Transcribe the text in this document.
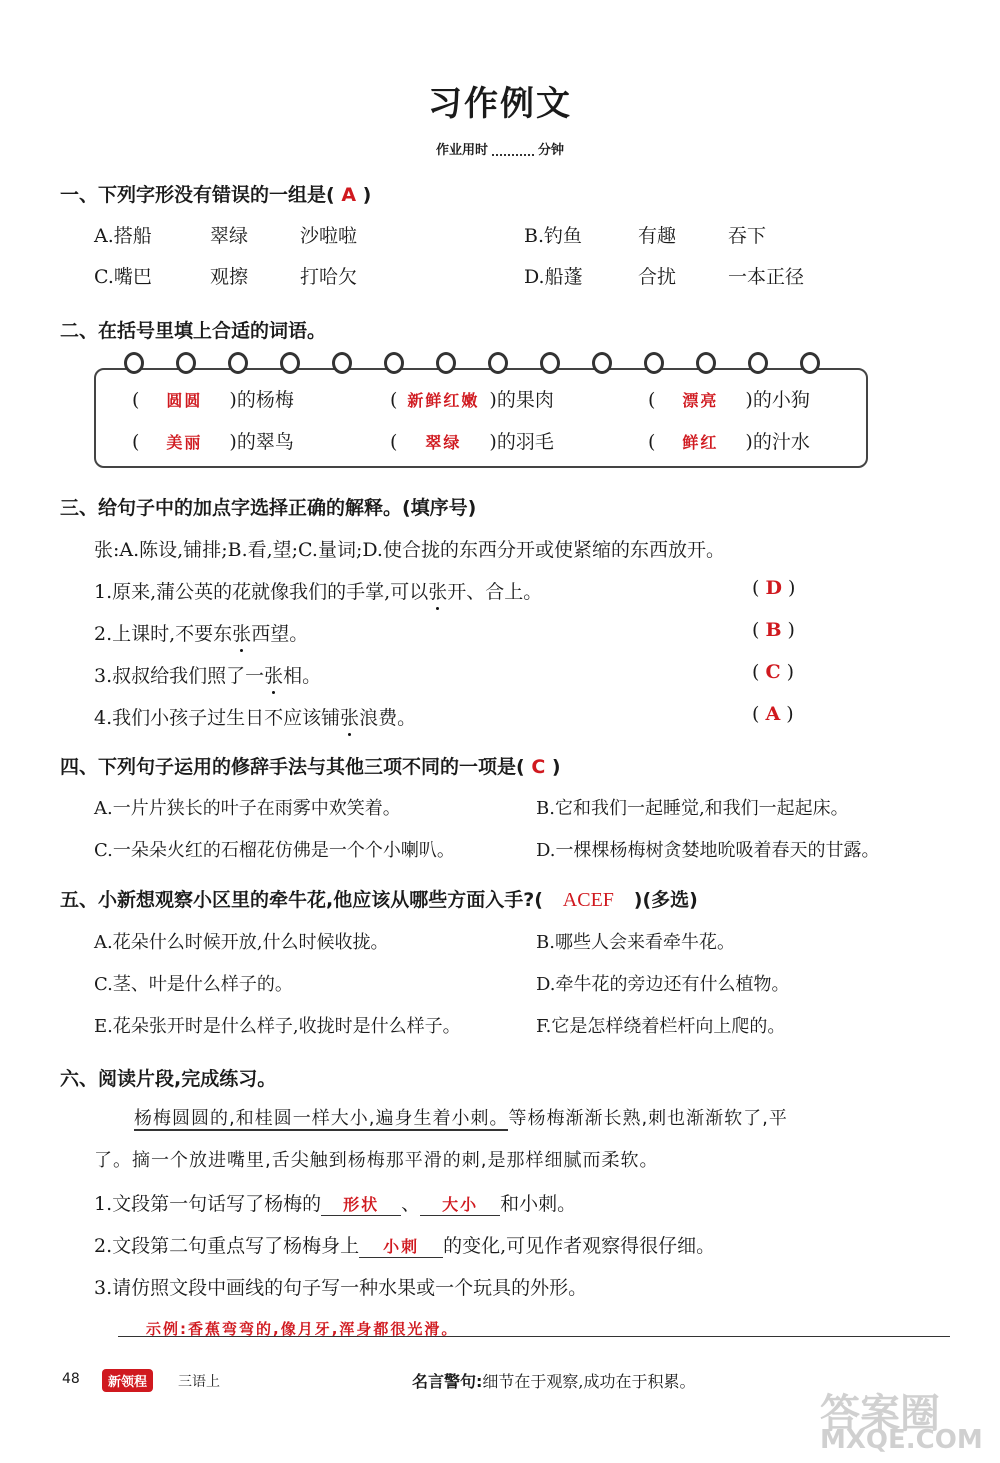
习作例文
作业用时	分钟
一、下列字形没有错误的一组是( A )
A.搭船	翠绿	沙啦啦	B.钓鱼	有趣	吞下
C.嘴巴	观擦	打哈欠	D.船蓬	合扰	一本正径
二、在括号里填上合适的词语。
( 圆圆 )的杨梅	( 新鲜红嫩 )的果肉	( 漂亮 )的小狗
( 美丽 )的翠鸟	( 翠绿 )的羽毛	( 鲜红 )的汁水
三、给句子中的加点字选择正确的解释。(填序号)
张:A.陈设,铺排;B.看,望;C.量词;D.使合拢的东西分开或使紧缩的东西放开。
1.原来,蒲公英的花就像我们的手掌,可以张开、合上。	( D )
2.上课时,不要东张西望。	( B )
3.叔叔给我们照了一张相。	( C )
4.我们小孩子过生日不应该铺张浪费。	( A )
四、下列句子运用的修辞手法与其他三项不同的一项是( C )
A.一片片狭长的叶子在雨雾中欢笑着。	B.它和我们一起睡觉,和我们一起起床。
C.一朵朵火红的石榴花仿佛是一个个小喇叭。	D.一棵棵杨梅树贪婪地吮吸着春天的甘露。
五、小新想观察小区里的牵牛花,他应该从哪些方面入手?( ACEF )(多选)
A.花朵什么时候开放,什么时候收拢。	B.哪些人会来看牵牛花。
C.茎、叶是什么样子的。	D.牵牛花的旁边还有什么植物。
E.花朵张开时是什么样子,收拢时是什么样子。	F.它是怎样绕着栏杆向上爬的。
六、阅读片段,完成练习。
杨梅圆圆的,和桂圆一样大小,遍身生着小刺。等杨梅渐渐长熟,刺也渐渐软了,平
了。摘一个放进嘴里,舌尖触到杨梅那平滑的刺,是那样细腻而柔软。
1.文段第一句话写了杨梅的 形状 、 大小 和小刺。
2.文段第二句重点写了杨梅身上 小刺 的变化,可见作者观察得很仔细。
3.请仿照文段中画线的句子写一种水果或一个玩具的外形。
示例:香蕉弯弯的,像月牙,浑身都很光滑。
48	新领程	三语上	名言警句:细节在于观察,成功在于积累。
答案圈
MXQE.COM
